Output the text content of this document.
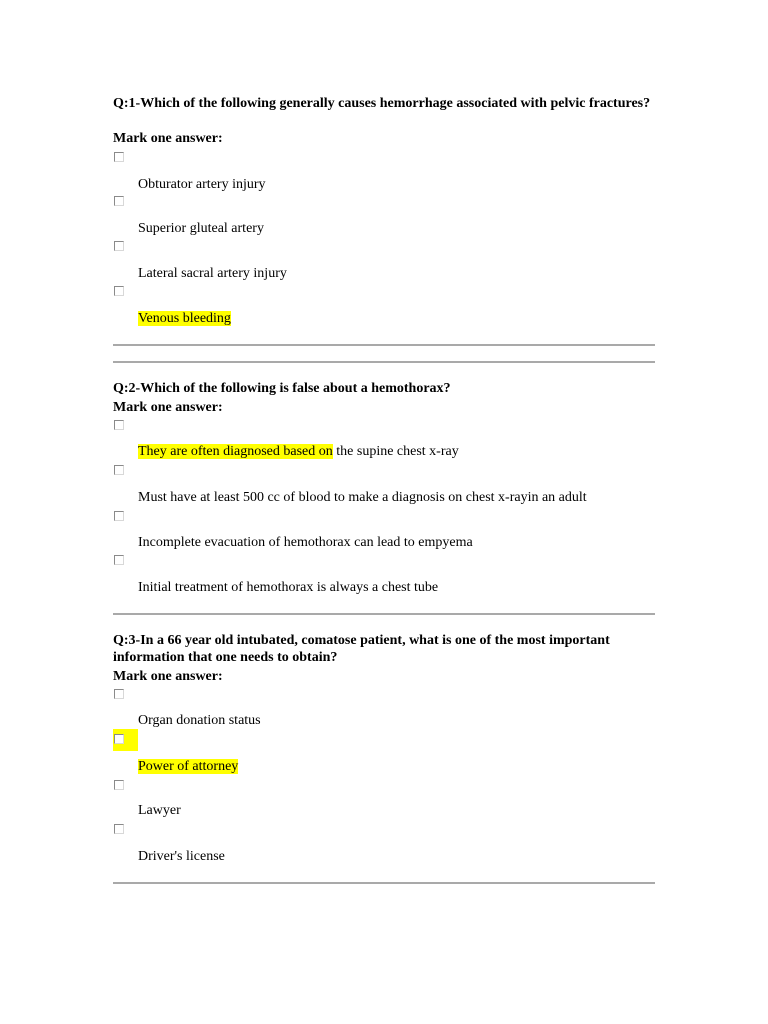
Q:1-Which of the following generally causes hemorrhage associated with pelvic fractures?
Mark one answer:
Obturator artery injury
Superior gluteal artery
Lateral sacral artery injury
Venous bleeding
Q:2-Which of the following is false about a hemothorax?
Mark one answer:
They are often diagnosed based on the supine chest x-ray
Must have at least 500 cc of blood to make a diagnosis on chest x-rayin an adult
Incomplete evacuation of hemothorax can lead to empyema
Initial treatment of hemothorax is always a chest tube
Q:3-In a 66 year old intubated, comatose patient, what is one of the most important information that one needs to obtain?
Mark one answer:
Organ donation status
Power of attorney
Lawyer
Driver's license
